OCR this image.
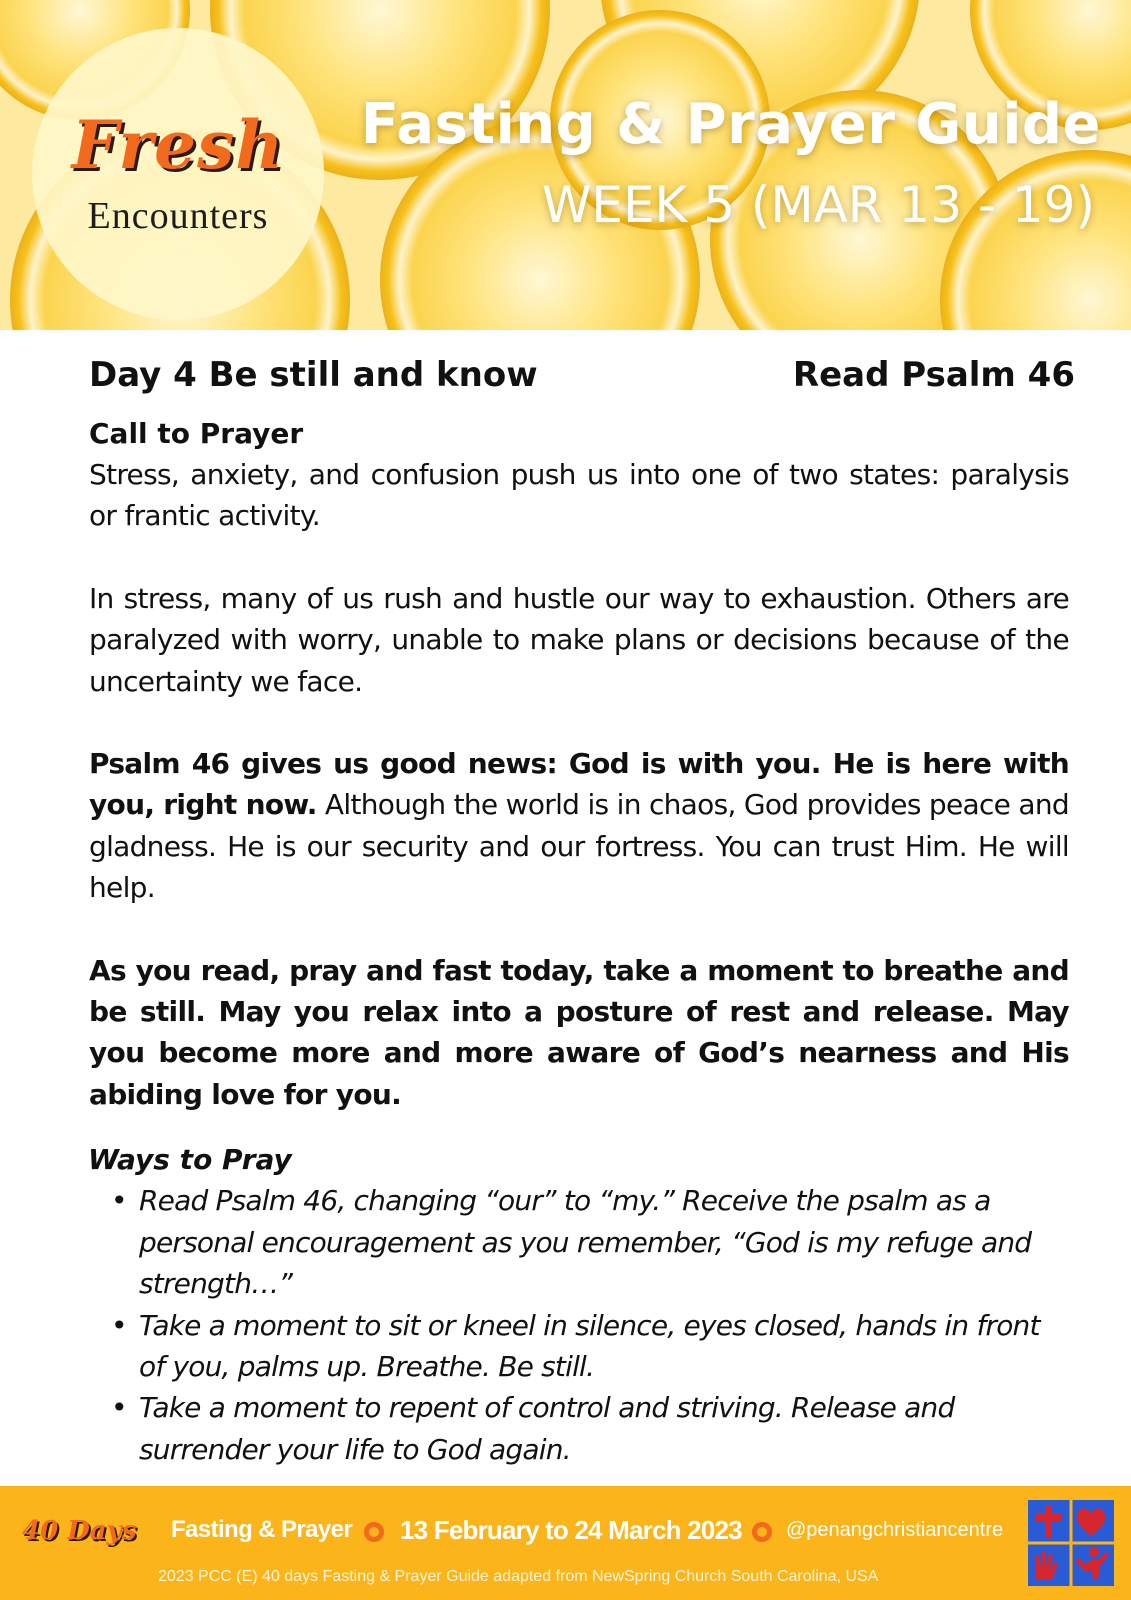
Fresh
Encounters
Fasting & Prayer Guide
WEEK 5 (MAR 13 - 19)
Day 4 Be still and know	Read Psalm 46
Call to Prayer

Stress, anxiety, and confusion push us into one of two states: paralysis or frantic activity.

In stress, many of us rush and hustle our way to exhaustion. Others are paralyzed with worry, unable to make plans or decisions because of the uncertainty we face.

Psalm 46 gives us good news: God is with you. He is here with you, right now. Although the world is in chaos, God provides peace and gladness. He is our security and our fortress. You can trust Him. He will help.

As you read, pray and fast today, take a moment to breathe and be still. May you relax into a posture of rest and release. May you become more and more aware of God’s nearness and His abiding love for you.

Ways to Pray
• Read Psalm 46, changing “our” to “my.” Receive the psalm as a personal encouragement as you remember, “God is my refuge and strength…”
• Take a moment to sit or kneel in silence, eyes closed, hands in front of you, palms up. Breathe. Be still.
• Take a moment to repent of control and striving. Release and surrender your life to God again.
40 Days Fasting & Prayer 13 February to 24 March 2023 @penangchristiancentre
2023 PCC (E) 40 days Fasting & Prayer Guide adapted from NewSpring Church South Carolina, USA
